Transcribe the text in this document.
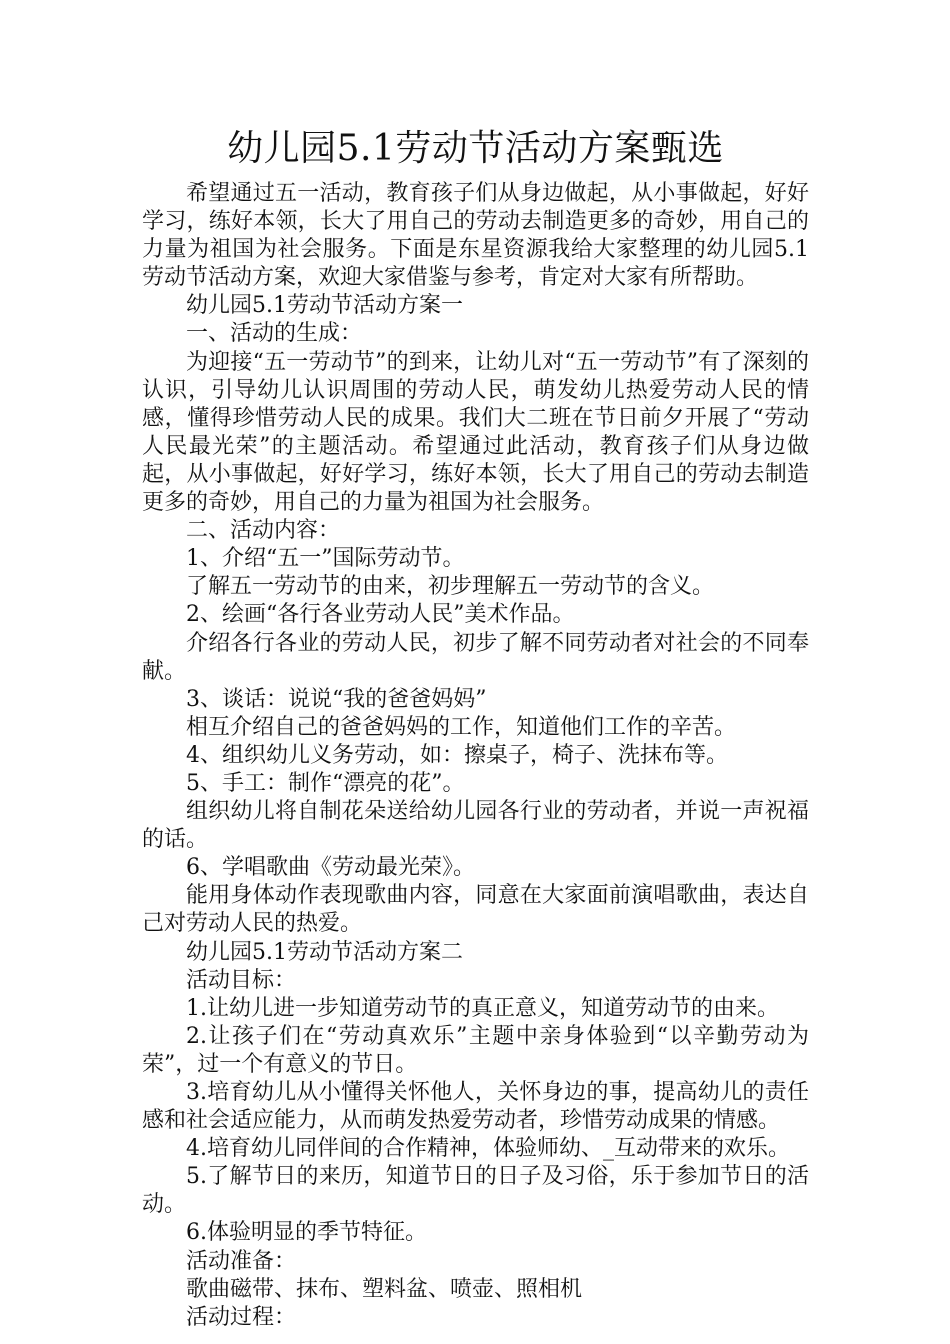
幼儿园5.1劳动节活动方案甄选

希望通过五一活动，教育孩子们从身边做起，从小事做起，好好学习，练好本领，长大了用自己的劳动去制造更多的奇妙，用自己的力量为祖国为社会服务。下面是东星资源我给大家整理的幼儿园5.1劳动节活动方案，欢迎大家借鉴与参考，肯定对大家有所帮助。

幼儿园5.1劳动节活动方案一

一、活动的生成：

为迎接“五一劳动节”的到来，让幼儿对“五一劳动节”有了深刻的认识，引导幼儿认识周围的劳动人民，萌发幼儿热爱劳动人民的情感，懂得珍惜劳动人民的成果。我们大二班在节日前夕开展了“劳动人民最光荣”的主题活动。希望通过此活动，教育孩子们从身边做起，从小事做起，好好学习，练好本领，长大了用自己的劳动去制造更多的奇妙，用自己的力量为祖国为社会服务。

二、活动内容：

1、介绍“五一”国际劳动节。

了解五一劳动节的由来，初步理解五一劳动节的含义。

2、绘画“各行各业劳动人民”美术作品。

介绍各行各业的劳动人民，初步了解不同劳动者对社会的不同奉献。

3、谈话：说说“我的爸爸妈妈”

相互介绍自己的爸爸妈妈的工作，知道他们工作的辛苦。

4、组织幼儿义务劳动，如：擦桌子，椅子、洗抹布等。

5、手工：制作“漂亮的花”。

组织幼儿将自制花朵送给幼儿园各行业的劳动者，并说一声祝福的话。

6、学唱歌曲《劳动最光荣》。

能用身体动作表现歌曲内容，同意在大家面前演唱歌曲，表达自己对劳动人民的热爱。

幼儿园5.1劳动节活动方案二

活动目标：

1.让幼儿进一步知道劳动节的真正意义，知道劳动节的由来。

2.让孩子们在“劳动真欢乐”主题中亲身体验到“以辛勤劳动为荣”，过一个有意义的节日。

3.培育幼儿从小懂得关怀他人，关怀身边的事，提高幼儿的责任感和社会适应能力，从而萌发热爱劳动者，珍惜劳动成果的情感。

4.培育幼儿同伴间的合作精神，体验师幼、_互动带来的欢乐。

5.了解节日的来历，知道节日的日子及习俗，乐于参加节日的活动。

6.体验明显的季节特征。

活动准备：

歌曲磁带、抹布、塑料盆、喷壶、照相机

活动过程：
